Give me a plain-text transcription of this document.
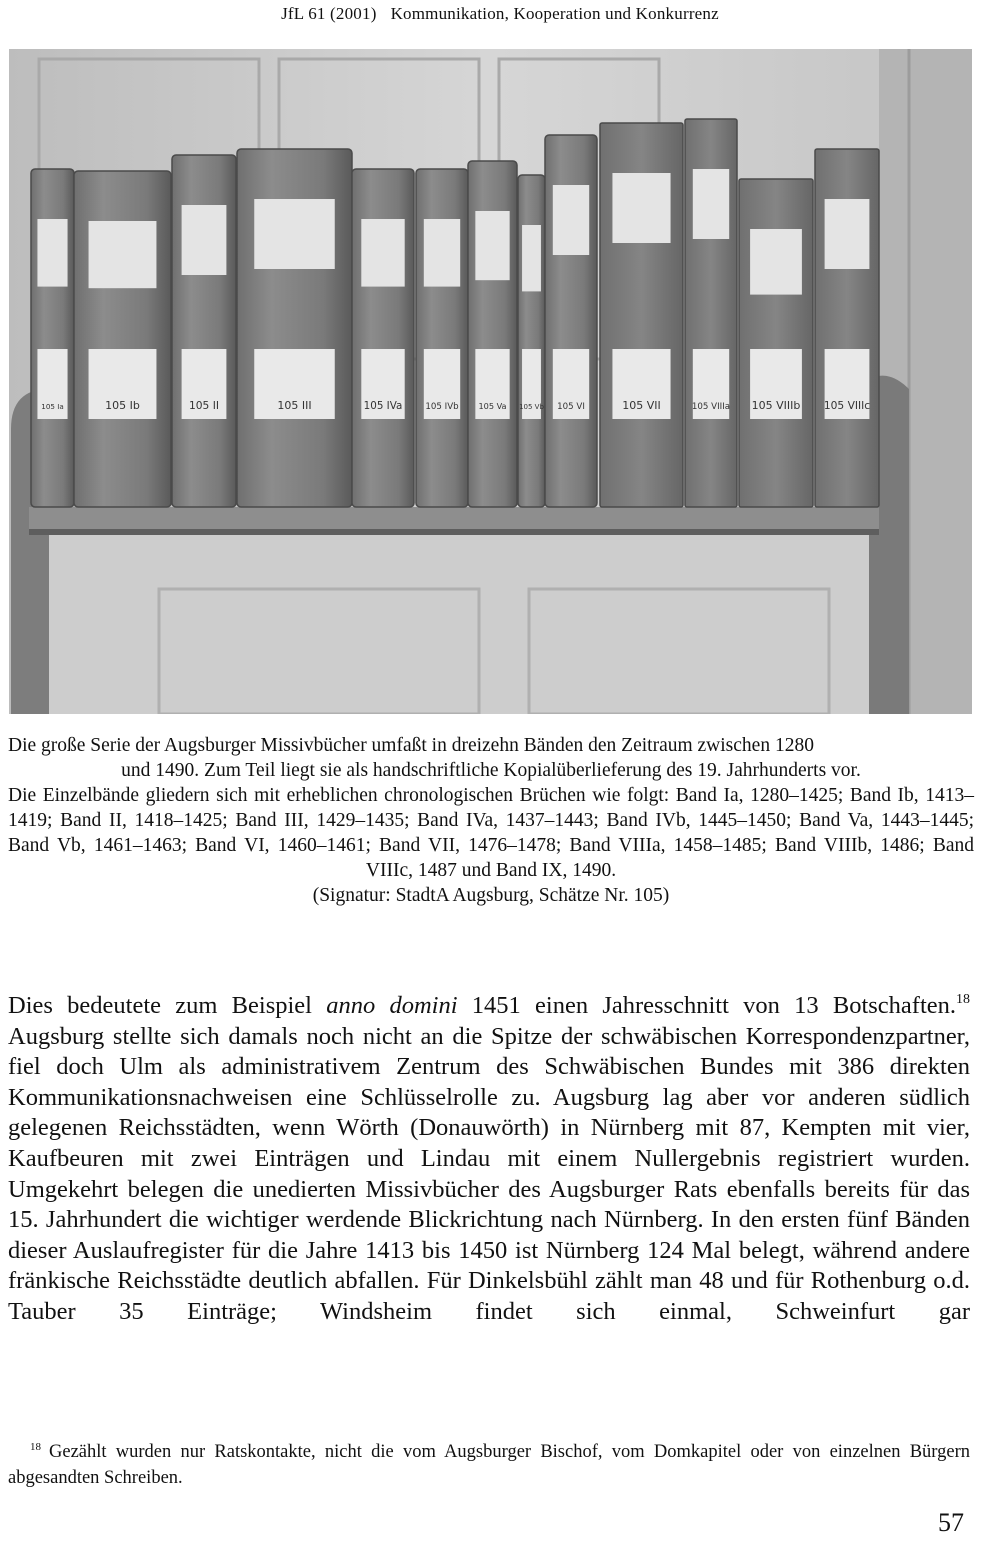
JfL 61 (2001) Kommunikation, Kooperation und Konkurrenz
105 Ia	105 Ib	105 II	105 III	105 IVa	105 IVb 105 Va 105 Vb 105 VI	105 VII	105 VIIIa 105 VIIIb 105 VIIIc

Die große Serie der Augsburger Missivbücher umfaßt in dreizehn Bänden den Zeitraum zwischen 1280

und 1490. Zum Teil liegt sie als handschriftliche Kopialüberlieferung des 19. Jahrhunderts vor.

Die Einzelbände gliedern sich mit erheblichen chronologischen Brüchen wie folgt: Band Ia, 1280–1425; Band Ib, 1413–1419; Band II, 1418–1425; Band III, 1429–1435; Band IVa, 1437–1443; Band IVb, 1445–1450; Band Va, 1443–1445; Band Vb, 1461–1463; Band VI, 1460–1461; Band VII, 1476–1478; Band VIIIa, 1458–1485; Band VIIIb, 1486; Band VIIIc, 1487 und Band IX, 1490.

(Signatur: StadtA Augsburg, Schätze Nr. 105)

Dies bedeutete zum Beispiel anno domini 1451 einen Jahresschnitt von 13 Botschaften.$^{18}$ Augsburg stellte sich damals noch nicht an die Spitze der schwäbischen Korrespondenzpartner, fiel doch Ulm als administrativem Zentrum des Schwäbischen Bundes mit 386 direkten Kommunikationsnachweisen eine Schlüsselrolle zu. Augsburg lag aber vor anderen südlich gelegenen Reichsstädten, wenn Wörth (Donauwörth) in Nürnberg mit 87, Kempten mit vier, Kaufbeuren mit zwei Einträgen und Lindau mit einem Nullergebnis registriert wurden. Umgekehrt belegen die unedierten Missivbücher des Augsburger Rats ebenfalls bereits für das 15. Jahrhundert die wichtiger werdende Blickrichtung nach Nürnberg. In den ersten fünf Bänden dieser Auslaufregister für die Jahre 1413 bis 1450 ist Nürnberg 124 Mal belegt, während andere fränkische Reichsstädte deutlich abfallen. Für Dinkelsbühl zählt man 48 und für Rothenburg o.d. Tauber 35 Einträge; Windsheim findet sich einmal, Schweinfurt gar

$^{18}$ Gezählt wurden nur Ratskontakte, nicht die vom Augsburger Bischof, vom Domkapitel oder von einzelnen Bürgern abgesandten Schreiben.
57
